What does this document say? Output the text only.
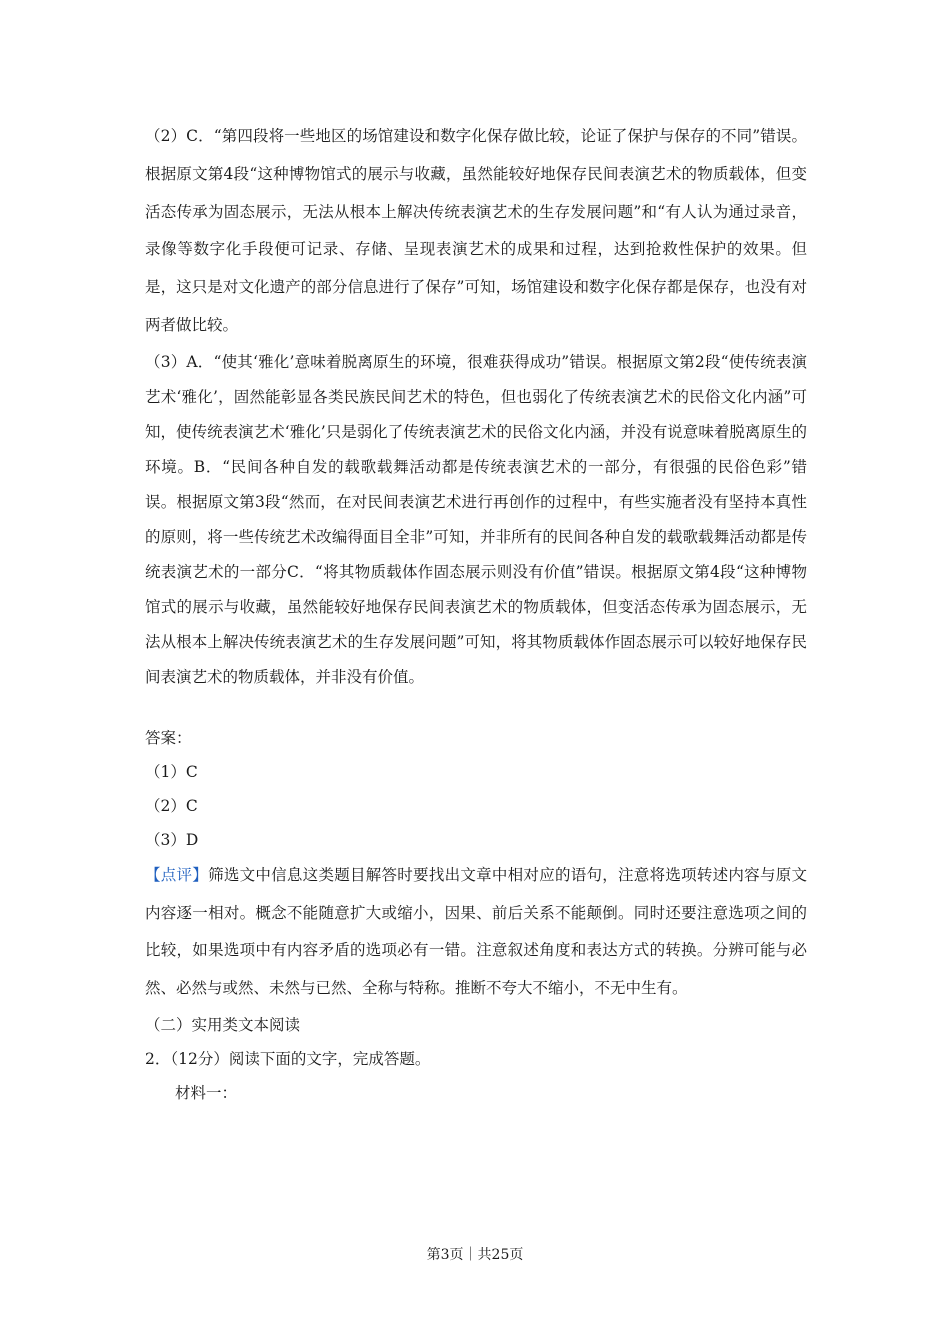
（2）C．“第四段将一些地区的场馆建设和数字化保存做比较，论证了保护与保存的不同”错误。根据原文第4段“这种博物馆式的展示与收藏，虽然能较好地保存民间表演艺术的物质载体，但变活态传承为固态展示，无法从根本上解决传统表演艺术的生存发展问题”和“有人认为通过录音，录像等数字化手段便可记录、存储、呈现表演艺术的成果和过程，达到抢救性保护的效果。但是，这只是对文化遗产的部分信息进行了保存”可知，场馆建设和数字化保存都是保存，也没有对两者做比较。

（3）A．“使其‘雅化’意味着脱离原生的环境，很难获得成功”错误。根据原文第2段“使传统表演艺术‘雅化’，固然能彰显各类民族民间艺术的特色，但也弱化了传统表演艺术的民俗文化内涵”可知，使传统表演艺术‘雅化’只是弱化了传统表演艺术的民俗文化内涵，并没有说意味着脱离原生的环境。B．“民间各种自发的载歌载舞活动都是传统表演艺术的一部分，有很强的民俗色彩”错误。根据原文第3段“然而，在对民间表演艺术进行再创作的过程中，有些实施者没有坚持本真性的原则，将一些传统艺术改编得面目全非”可知，并非所有的民间各种自发的载歌载舞活动都是传统表演艺术的一部分C．“将其物质载体作固态展示则没有价值”错误。根据原文第4段“这种博物馆式的展示与收藏，虽然能较好地保存民间表演艺术的物质载体，但变活态传承为固态展示，无法从根本上解决传统表演艺术的生存发展问题”可知，将其物质载体作固态展示可以较好地保存民间表演艺术的物质载体，并非没有价值。

答案：

（1）C

（2）C

（3）D

【点评】筛选文中信息这类题目解答时要找出文章中相对应的语句，注意将选项转述内容与原文内容逐一相对。概念不能随意扩大或缩小，因果、前后关系不能颠倒。同时还要注意选项之间的比较，如果选项中有内容矛盾的选项必有一错。注意叙述角度和表达方式的转换。分辨可能与必然、必然与或然、未然与已然、全称与特称。推断不夸大不缩小，不无中生有。

（二）实用类文本阅读

2．（12分）阅读下面的文字，完成答题。

材料一：

第3页｜共25页
